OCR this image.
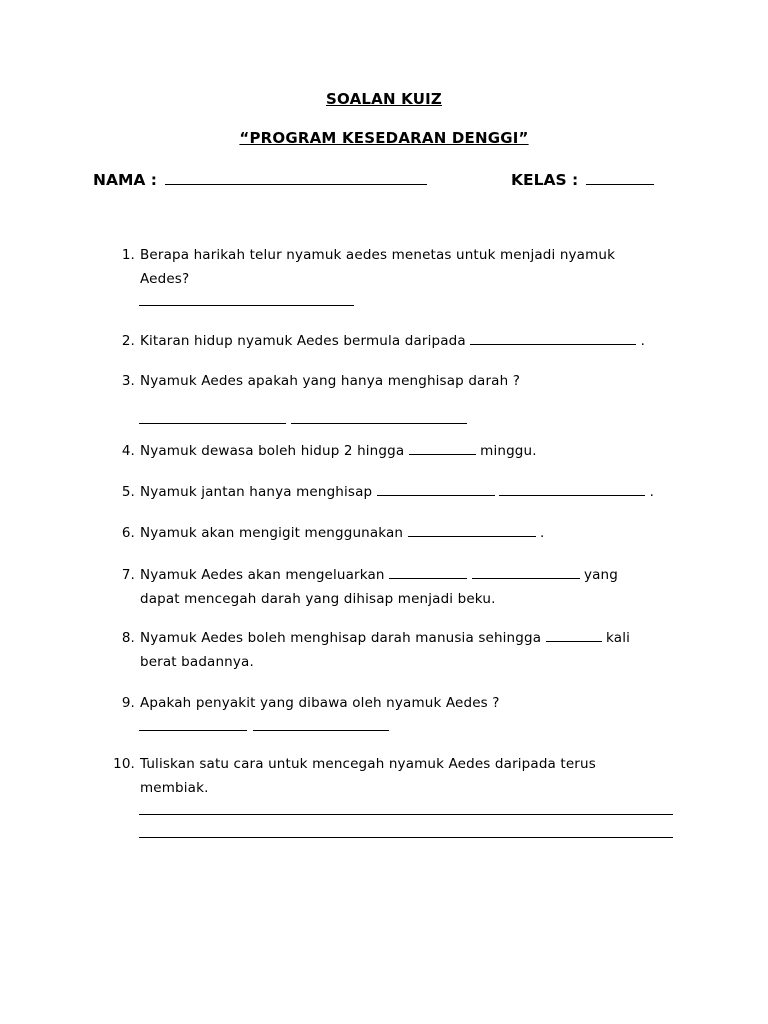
SOALAN KUIZ
“PROGRAM KESEDARAN DENGGI”
NAMA :	KELAS :
1. Berapa harikah telur nyamuk aedes menetas untuk menjadi nyamuk
Aedes?
2. Kitaran hidup nyamuk Aedes bermula daripada	.
3. Nyamuk Aedes apakah yang hanya menghisap darah ?
4. Nyamuk dewasa boleh hidup 2 hingga	minggu.
5. Nyamuk jantan hanya menghisap	.
6. Nyamuk akan mengigit menggunakan	.
7. Nyamuk Aedes akan mengeluarkan	yang
dapat mencegah darah yang dihisap menjadi beku.
8. Nyamuk Aedes boleh menghisap darah manusia sehingga	kali
berat badannya.
9. Apakah penyakit yang dibawa oleh nyamuk Aedes ?
10. Tuliskan satu cara untuk mencegah nyamuk Aedes daripada terus
membiak.
